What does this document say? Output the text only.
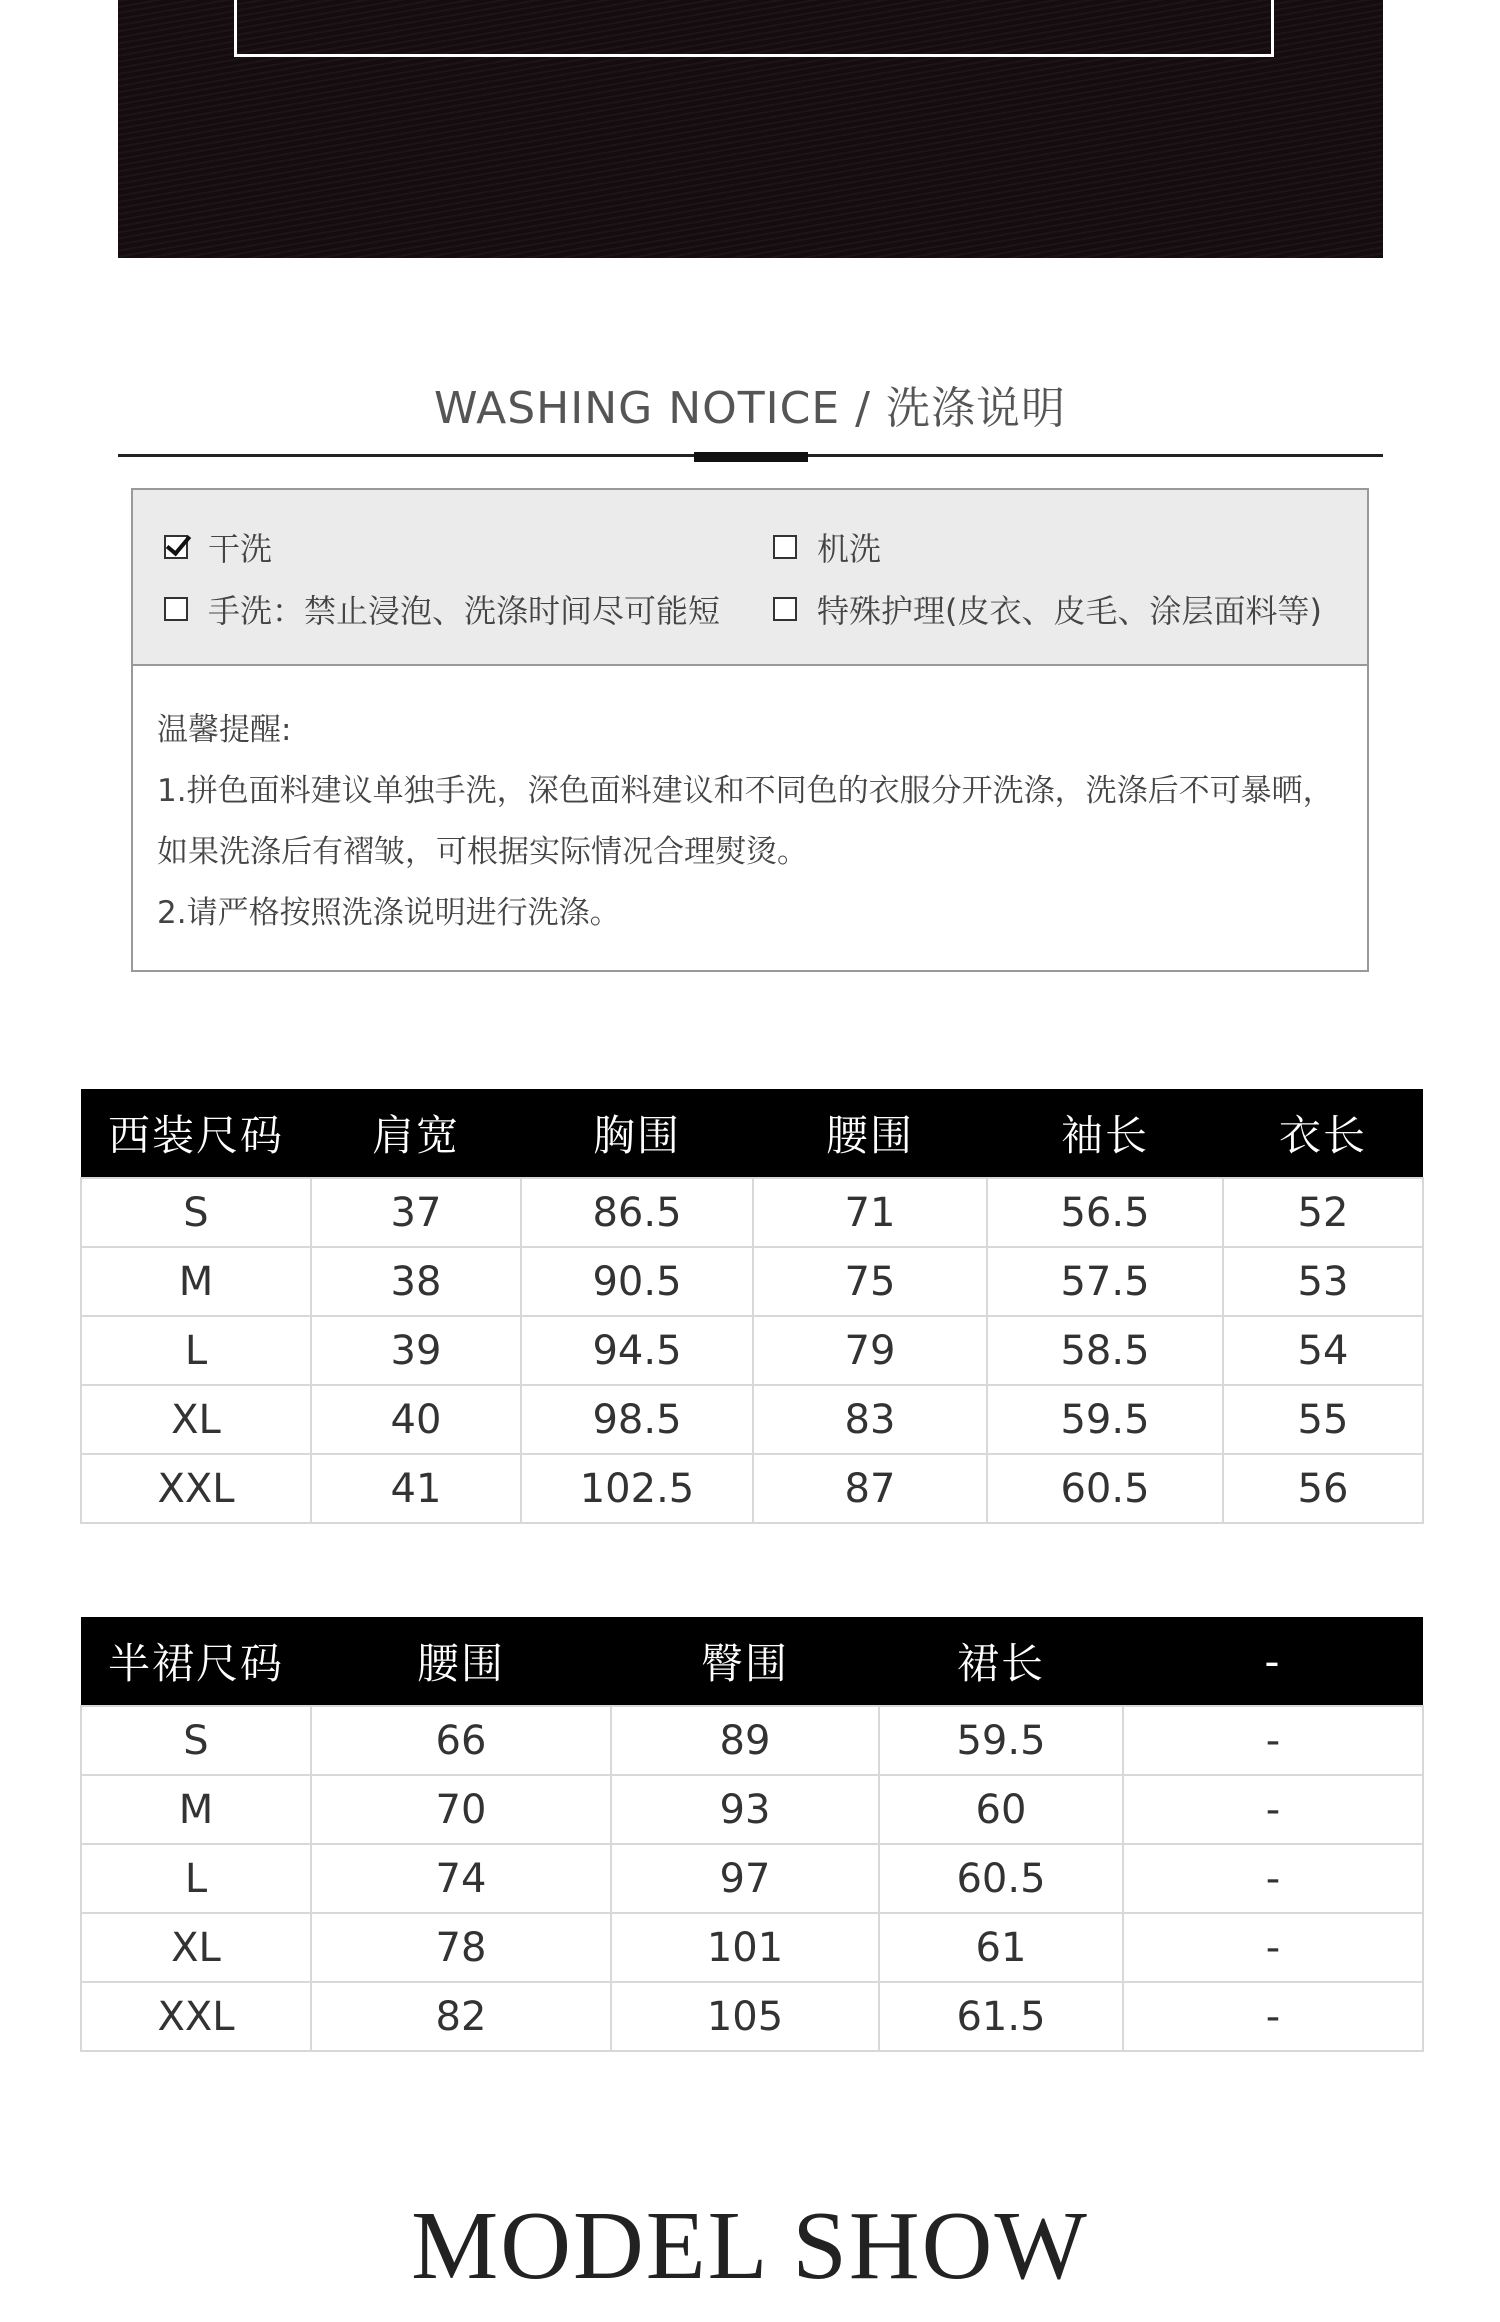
WASHING NOTICE / 洗涤说明
干洗	机洗
手洗：禁止浸泡、洗涤时间尽可能短	特殊护理(皮衣、皮毛、涂层面料等)
温馨提醒:
1.拼色面料建议单独手洗，深色面料建议和不同色的衣服分开洗涤，洗涤后不可暴晒，
如果洗涤后有褶皱，可根据实际情况合理熨烫。
2.请严格按照洗涤说明进行洗涤。
西装尺码	肩宽	胸围	腰围	袖长	衣长
S	37	86.5	71	56.5	52
M	38	90.5	75	57.5	53
L	39	94.5	79	58.5	54
XL	40	98.5	83	59.5	55
XXL	41	102.5	87	60.5	56
半裙尺码	腰围	臀围	裙长	-
S	66	89	59.5	-
M	70	93	60	-
L	74	97	60.5	-
XL	78	101	61	-
XXL	82	105	61.5	-
MODEL SHOW
